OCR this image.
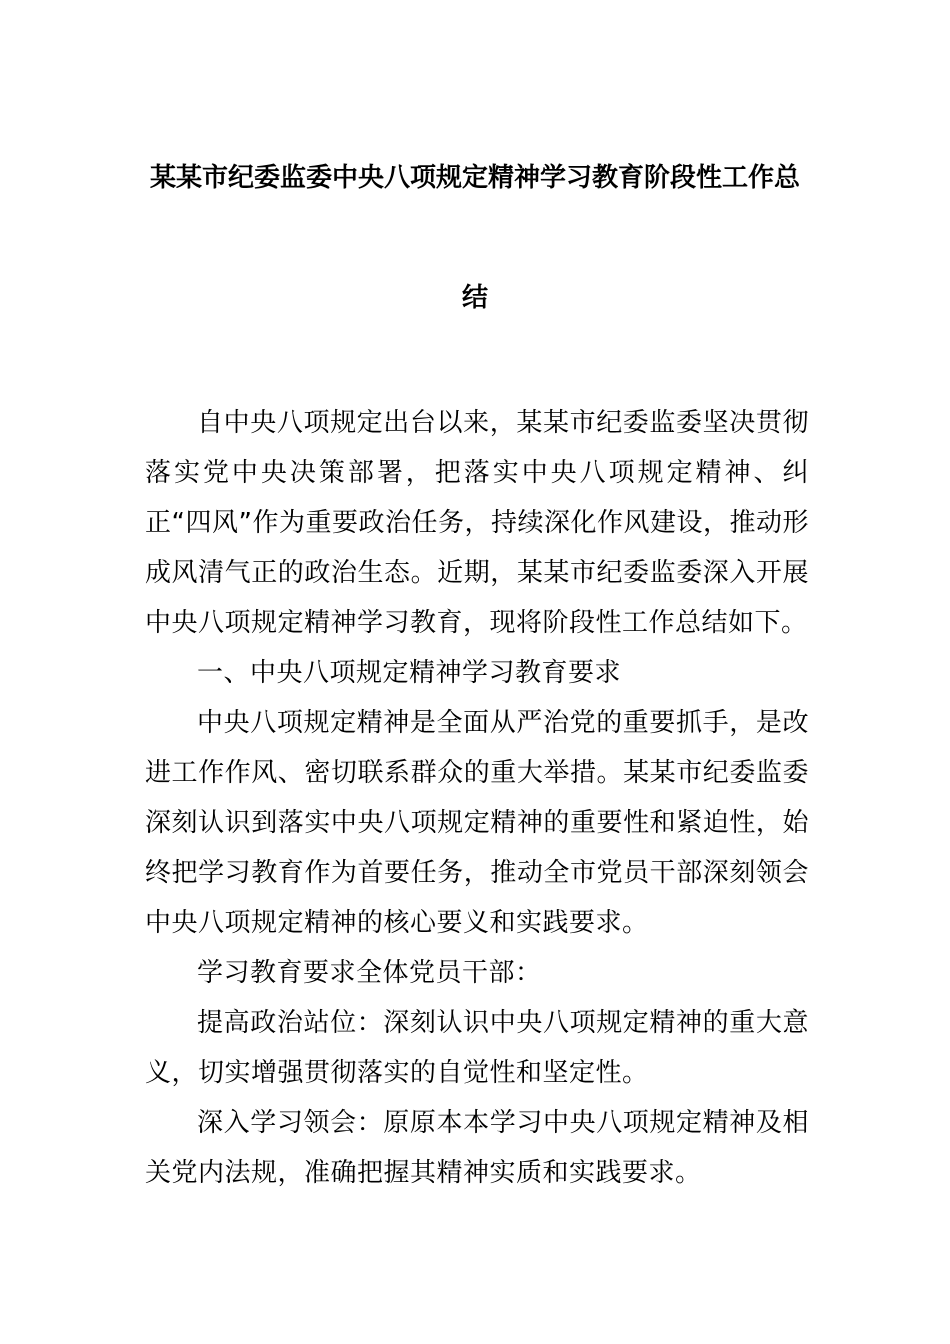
某某市纪委监委中央八项规定精神学习教育阶段性工作总
结

自中央八项规定出台以来，某某市纪委监委坚决贯彻落实党中央决策部署，把落实中央八项规定精神、纠正“四风”作为重要政治任务，持续深化作风建设，推动形成风清气正的政治生态。近期，某某市纪委监委深入开展中央八项规定精神学习教育，现将阶段性工作总结如下。

一、中央八项规定精神学习教育要求

中央八项规定精神是全面从严治党的重要抓手，是改进工作作风、密切联系群众的重大举措。某某市纪委监委深刻认识到落实中央八项规定精神的重要性和紧迫性，始终把学习教育作为首要任务，推动全市党员干部深刻领会中央八项规定精神的核心要义和实践要求。

学习教育要求全体党员干部：

提高政治站位：深刻认识中央八项规定精神的重大意义，切实增强贯彻落实的自觉性和坚定性。

深入学习领会：原原本本学习中央八项规定精神及相关党内法规，准确把握其精神实质和实践要求。
